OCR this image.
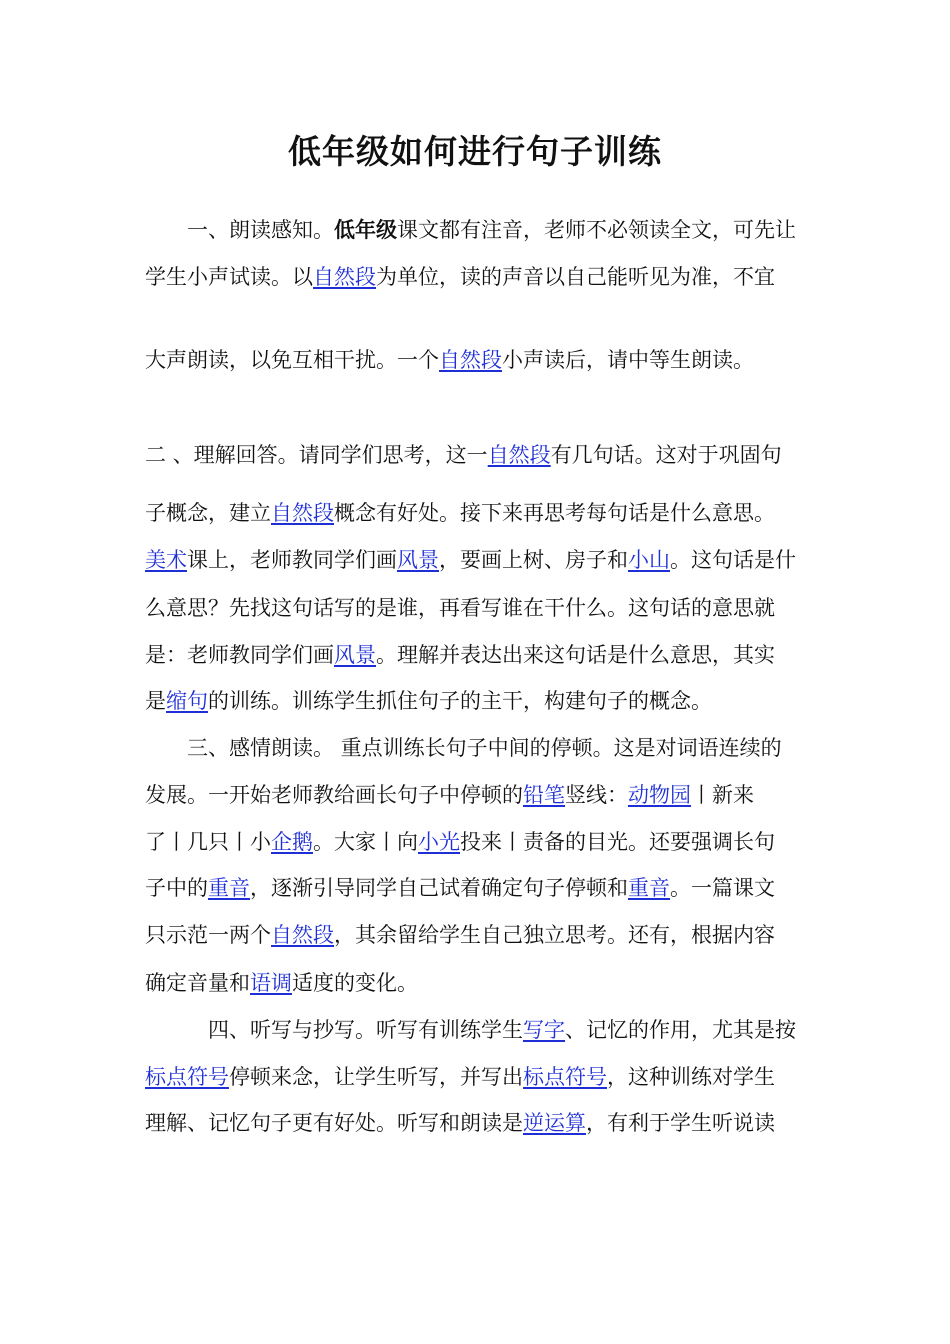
低年级如何进行句子训练

　　一、朗读感知。低年级课文都有注音，老师不必领读全文，可先让

学生小声试读。以自然段为单位，读的声音以自己能听见为准，不宜

大声朗读，以免互相干扰。一个自然段小声读后，请中等生朗读。

二 、理解回答。请同学们思考，这一自然段有几句话。这对于巩固句

子概念，建立自然段概念有好处。接下来再思考每句话是什么意思。

美术课上，老师教同学们画风景，要画上树、房子和小山。这句话是什

么意思？先找这句话写的是谁，再看写谁在干什么。这句话的意思就

是：老师教同学们画风景。理解并表达出来这句话是什么意思，其实

是缩句的训练。训练学生抓住句子的主干，构建句子的概念。

　　三、感情朗读。 重点训练长句子中间的停顿。这是对词语连续的

发展。一开始老师教给画长句子中停顿的铅笔竖线：动物园丨新来

了丨几只丨小企鹅。大家丨向小光投来丨责备的目光。还要强调长句

子中的重音，逐渐引导同学自己试着确定句子停顿和重音。一篇课文

只示范一两个自然段，其余留给学生自己独立思考。还有，根据内容

确定音量和语调适度的变化。

　　　四、听写与抄写。听写有训练学生写字、记忆的作用，尤其是按

标点符号停顿来念，让学生听写，并写出标点符号，这种训练对学生

理解、记忆句子更有好处。听写和朗读是逆运算，有利于学生听说读
